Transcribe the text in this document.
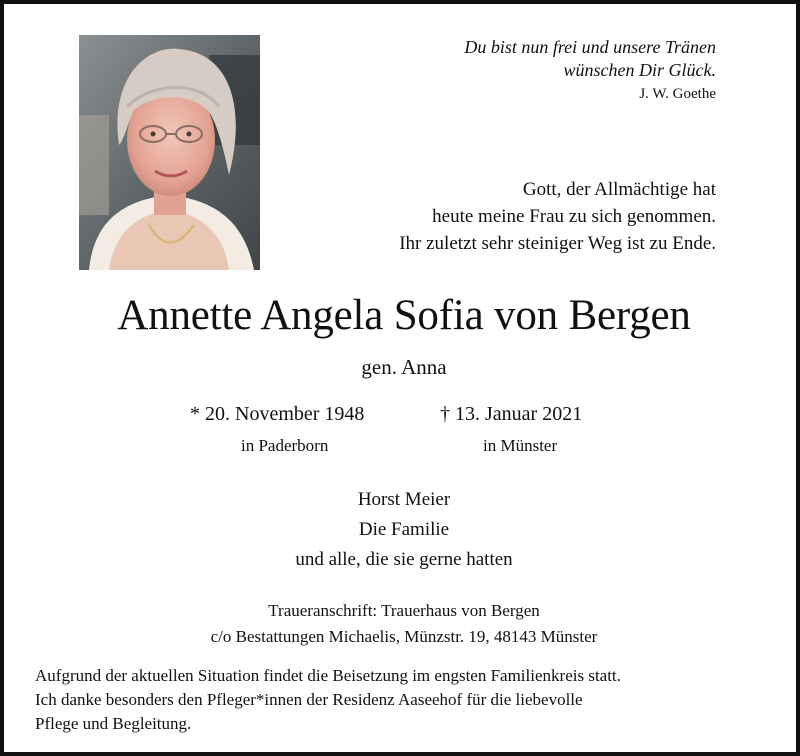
Du bist nun frei und unsere Tränen
wünschen Dir Glück.
J. W. Goethe
Gott, der Allmächtige hat
heute meine Frau zu sich genommen.
Ihr zuletzt sehr steiniger Weg ist zu Ende.
Annette Angela Sofia von Bergen
gen. Anna
* 20. November 1948
in Paderborn
† 13. Januar 2021
in Münster
Horst Meier
Die Familie
und alle, die sie gerne hatten
Traueranschrift: Trauerhaus von Bergen
c/o Bestattungen Michaelis, Münzstr. 19, 48143 Münster
Aufgrund der aktuellen Situation findet die Beisetzung im engsten Familienkreis statt.
Ich danke besonders den Pfleger*innen der Residenz Aaseehof für die liebevolle
Pflege und Begleitung.
